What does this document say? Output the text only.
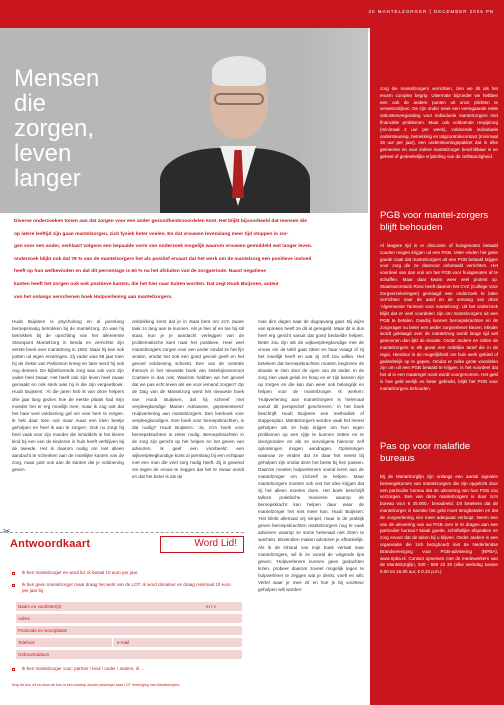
30 MANTELZORGER | DECEMBER 2005 PB
Mensen
die
zorgen,
leven
langer
Diverse onderzoeken tonen aan dat zorgen voor een ander gezondheidsvoordelen kent. Het blijkt bijvoorbeeld dat mensen die
op latere leeftijd zijn gaan mantelzorgen, zich fysiek beter voelen. En dat vrouwen levenslang meer tijd stoppen in zor-
gen voor een ander, verklaart volgens een bepaalde vorm van onderzoek mogelijk waarom vrouwen gemiddeld wat langer leven.
onderzoek blijkt ook dat 76 % van de mantelzorgers het als positief ervaart dat het werk om de mantelzorg een positieve invloed
heeft op hun welbevinden en dat dit percentage is 60 % na het afsluiten van de zorgperiode. Naast negatieve
kanten heeft het zorgen ook ook positieve kanten, die het hier naar buiten worden. Dat zegt Huub Buijssen, auteur
van het onlangs verschenen boek Hulpverlening aan mantelzorgers.
Huub Buijssen is psycholoog en al jarenlang beroepsmatig betrokken bij de mantelzorg. Zo was hij betrokken bij de oprichting van het allereerste Steunpunt Mantelzorg in Breda en verrichtte zijn eerste boek over mantelzorg in 1992. Maar hij kan ook putten uit eigen ervaringen. Zij vader was 58 jaar toen hij de ziekte van Parkinson kreeg en later werd hij ook nog dement. De bijbehorende zorg was ook voor zijn vader heel zwaar. Het heeft ook zijn leven heel zwaar gemaakt en ook sterk was hij in die zijn vergeetboek. Huub Buijssen: 'Al die jaren heb ik van deze helpers drie jaar lang gezien hoe de eerste plaats had mijn moeder het er erg moeilijk mee, maar ik zag ook dat het haar veel voldoening gaf om voor hem te zorgen. Ik heb daar toen ook maar maar een klein beetje geholpen en heel ik aan te zorgen'. Ook nu zorgt hij heel vaak voor zijn moeder die inmiddels in het kleine kind bij een van de kinderen in huis heeft verblijven bij de tweede. Het is daarom nodig om niet alleen aandacht te schenken aan de moeilijke kanten van de zorg, maar juist ook aan de kanten die je voldoening geven.
ontdekking komt dat je in staat bent om zo'n zware taak zo lang aan te kunnen. Als je hier af en toe bij stil staat, kun je je aandacht verleggen van de problematische kant naar het positieve. Heel veel mantelzorgers zorgen voor een ander omdat ze het fijn vinden, omdat het ook een goed gevoel geeft en het gevoel voldoening schenkt. Een van de centrale thema's in het nieuwste boek van Notebijnsvennoot Coetsee is dan ook: Waarom hebben we het gevoel dat we pas echt leven als we voor iemand zorgen? Op de Dag van de Mantelzorg werd het nieuwste boek van Huub Buijssen, dat hij schreef met verpleegkundige Marian Adriaanse, gepresenteerd: Hulpverlening aan mantelzorgers. Een leerboek voor verpleegkundigen. Een boek voor beroepskrachten, is dat nodig? Huub Buijssen: 'Ja, zo'n boek voor beroepskrachten is zeker nodig. Beroepskrachten in de zorg zijn gericht op het helpen en het geven van adviezen. Ik geef een voorbeeld: een wijkverpleegkundige komt al jarenlang bij een echtpaar met een man die veel zorg nodig heeft. Zij is gewend om tegen de vrouw te zeggen dat het te zwaar wordt en dat het beter is als de
man dire dagen naar de dagopvang gaat. Bij wijze van spreken heeft ze dit al geregeld. Maar dit is dus heel erg gericht vanuit dat goed bedoelde helpen. Beter zou zijn als de wijkverpleegkundige met de vrouw om de tafel gaat zitten en haar vraagt of zij het moeilijk heeft en wat zij zelf zou willen. Het betekent dat beroepskrachten moeten beginnen de situatie te zien door de ogen van de ander. In de zorg zien vaak geluk en hoop en er zijn kansen zijn op zorgen en die kan dan weer ook belangrijk en helpen voor de mantelzorger. Ik werken: 'Hulpverlening aan mantelzorgers is helemaal vanuit dit perspectief geschreven.' In het boek beschrijft Huub Buijssen een methodiek of stappenplan. Mantelzorgers worden vaak het meest geholpen als ze hulp krijgen om hun eigen problemen op een rijtje te kunnen zetten en te doorgronden en als ze vervolgens hiervoor zelf oplossingen mogen aandragen. Oplossingen waarvan ze vinden dat ze daar het meest bij geholpen zijn omdat deze het beste bij hen passen. Daarom moeten hulpverleners vooral leren aan de mantelzorger om zichzelf te helpen. Maar mantelzorgers moeten ook niet het idee krijgen dat zij het alleen moeten doen. Het boek beschrijft talloze praktische manieren waarop de beroepskracht kan helpen daar waar de mantelzorger het met meer kan. Huub Buijssen: 'Het klinkt allemaal vrij simpel, maar in de praktijk geven beroepskrachten mantelzorgers nog te vaak adviezen waarop ze soms helemaal niet zitten te wachten. Bovendien maken adviezen je afhankelijk. Als ik de inhoud van mijn boek vertaal naar mantelzorgers, wil ik ze vooral de volgende tips geven: 'Hulpverleners kunnen geen gedachten lezen, probeer daarom zoveel mogelijk tegen te hulpverlener te zeggen wat je denkt, voelt en wilt. Vertel waar je mee zit en hoe je bij voorkeur geholpen wilt worden'.
zorg die mantelzorgers verrichten, zien we dit als het enorm complex begrip. Uitermate bijzonder we hebben een ook de andere punten uit onze plichten te verwezenlijken. De zijn onder meer een verregaande reële onkostenvergoeding voor individuele mantelzorgers met financiële problemen. Maar ook voldoende respijtzorg (minimaal 4 uur per week), voldoende individuele ondersteuning, betrekking en tolgcontrolecontact (minimaal 26 uur per jaar), een ondersteuningspakket dat in elke gemeente en voor iedere mantelzorger beschikbaar is en geheel of gedeeltelijke vrijstelling van de zelfstandigheid.
PGB voor mantel-zorgers blijft behouden
Al langere tijd is er discussie of huisgenoten betaald zouden mogen krijgen uit een PGB. Veler vinden het geen goede zaak dat mantelzorgers uit een PGB betaald krijgen voor zorg die ze daarvoor onbetaald verrichten. Het voordeel van dan ook om het PGB voor huisgenoten af te schaffen. Maar daar kwam weer veel protest op. Staatssecretaris Ross heeft daarom het CVZ (College Voor Zorgverzekeringen) gevraagd een onderzoek te laten verrichten naar de aard en de omvang van deze 'Algemeente Tarieven voor mantelzorg'. Uit het onderzoek blijkt dat er veel voordelen zijn om mantelzorgers uit een PGB te betalen. Daarbij kunnen beroepskrachten en de zorgvrager nu beter een ander zorgverlener kiezen. Minder wordt geklaagd over de mantelzorg wordt lange tijd wel gewonnen dan lijkt de situatie. Onder andere en zullen de mantelzorgers in elk geval een redelijke tarief die in de regio. Hierdoor is de mogelijkheid om huis werk gebied of gedeeltelijk op te gepen. Omdat er zulke grote voordelen zijn om uit een PGB betaald te krijgen, is het voordeel dat het al in een maatregel nooit wordt voorgenomen. Het geld is hoe geld eerlijk en beter gebruikt, blijkt het PGB voor mantelzorgers behouden.
Pas op voor malafide bureaus
Bij de Mantelzorglijn zijn onlangs een aantal signalen binnengekomen van mantelzorgers die zijn opgelicht door een particulier bureau dat de uitvoering van hun PGB zou verzorgen. Een van deze mantelzorgers is door zo'n bureau voor € 35.000,- benadeeld. Dit betekent dat de mantelzorger in kwestie het geld moet terugbetalen en dat de zorgverlening niet meer adequaat verloopt. Neem een van de uitvoering van uw PGB over in te dragen aan een particulier bureau? Maak goede, schriftelijke afspraken en zorg ervoor dat de taken bij u blijven. Onder andere is een organisatie die zich bezighoudt met de Nederlandse Brandvereniging voor PGB-advisering (NPBA), www.npba.nl. Contact opnemen met de medewerkers van de Mantelzorglijn, 030 - 659 22 20 (elke werkdag tussen 9.00 en 16.00 uur, € 0,10 p.m.)
✂
Antwoordkaart	Word Lid!
Ik ben mantelzorger en word lid. Ik betaal 10 euro per jaar.
Ik ben geen mantelzorger maar draag het werk van de LOT. Ik word donateur en draag minimaal 10 euro per jaar bij.
Naam en voorletter(s)	m / v
Adres
Postcode en woonplaats
Telefoon	e-mail
Geboortedatum
Ik ben mantelzorger voor: partner / kind / ouder / anders, nl. ...
Knip de bon uit en stuur de bon in een envelop zonder postzegel naar LOT Vereniging van Mantelzorgers.
